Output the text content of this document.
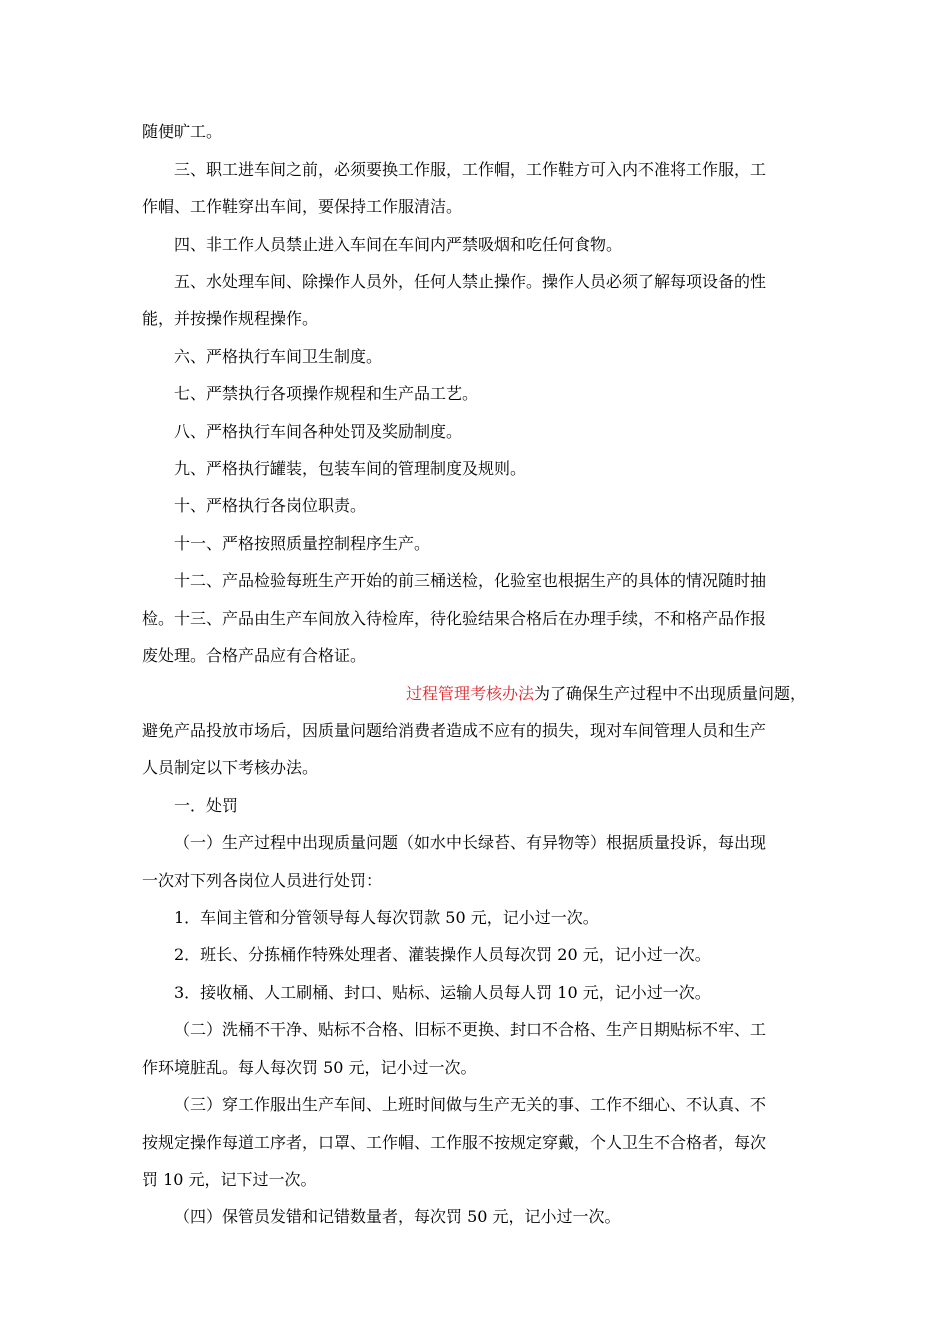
随便旷工。
三、职工进车间之前，必须要换工作服，工作帽，工作鞋方可入内不准将工作服，工
作帽、工作鞋穿出车间，要保持工作服清洁。
四、非工作人员禁止进入车间在车间内严禁吸烟和吃任何食物。
五、水处理车间、除操作人员外，任何人禁止操作。操作人员必须了解每项设备的性
能，并按操作规程操作。
六、严格执行车间卫生制度。
七、严禁执行各项操作规程和生产品工艺。
八、严格执行车间各种处罚及奖励制度。
九、严格执行罐装，包装车间的管理制度及规则。
十、严格执行各岗位职责。
十一、严格按照质量控制程序生产。
十二、产品检验每班生产开始的前三桶送检，化验室也根据生产的具体的情况随时抽
检。十三、产品由生产车间放入待检库，待化验结果合格后在办理手续，不和格产品作报
废处理。合格产品应有合格证。
过程管理考核办法为了确保生产过程中不出现质量问题，
避免产品投放市场后，因质量问题给消费者造成不应有的损失，现对车间管理人员和生产
人员制定以下考核办法。
一．处罚
（一）生产过程中出现质量问题（如水中长绿苔、有异物等）根据质量投诉，每出现
一次对下列各岗位人员进行处罚：
1．车间主管和分管领导每人每次罚款 50 元，记小过一次。
2．班长、分拣桶作特殊处理者、灌装操作人员每次罚 20 元，记小过一次。
3．接收桶、人工刷桶、封口、贴标、运输人员每人罚 10 元，记小过一次。
（二）洗桶不干净、贴标不合格、旧标不更换、封口不合格、生产日期贴标不牢、工
作环境脏乱。每人每次罚 50 元，记小过一次。
（三）穿工作服出生产车间、上班时间做与生产无关的事、工作不细心、不认真、不
按规定操作每道工序者，口罩、工作帽、工作服不按规定穿戴，个人卫生不合格者，每次
罚 10 元，记下过一次。
（四）保管员发错和记错数量者，每次罚 50 元，记小过一次。
